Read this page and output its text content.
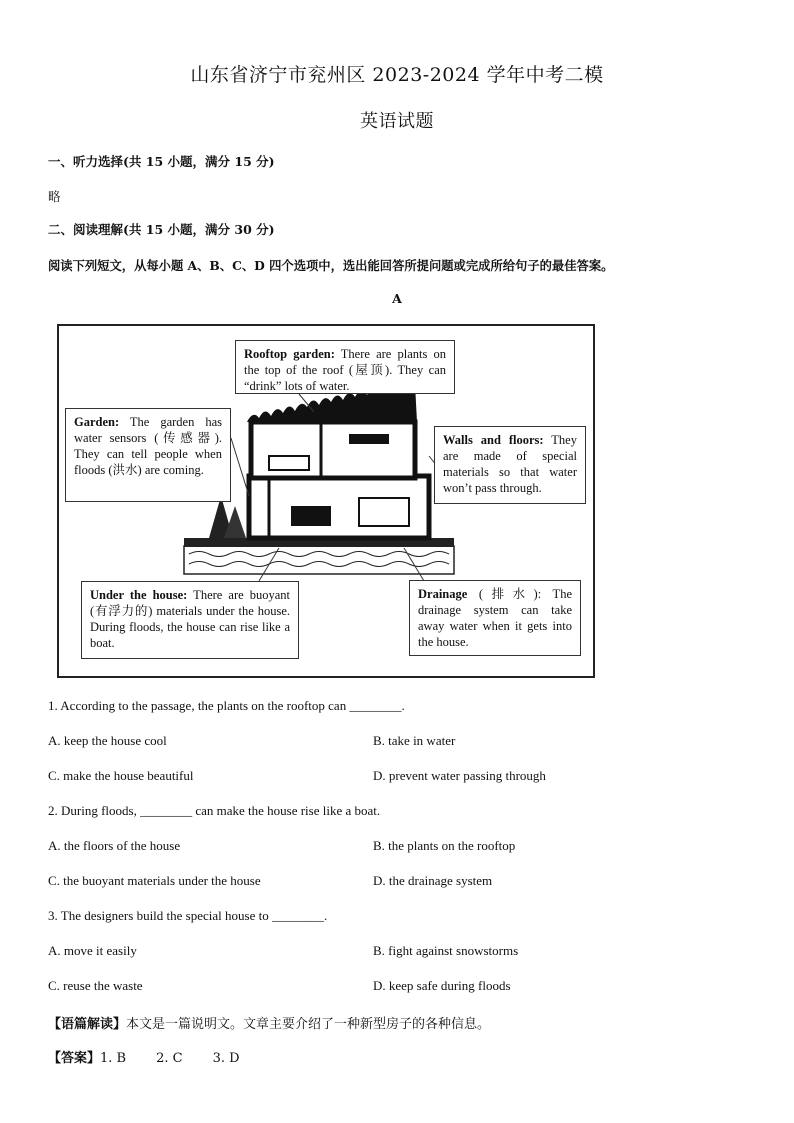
山东省济宁市兖州区 2023-2024 学年中考二模
英语试题
一、听力选择(共 15 小题，满分 15 分)
略
二、阅读理解(共 15 小题，满分 30 分)
阅读下列短文，从每小题 A、B、C、D 四个选项中，选出能回答所提问题或完成所给句子的最佳答案。
A
Rooftop garden: There are plants on the top of the roof (屋顶). They can “drink” lots of water.
Garden: The garden has water sensors (传感器). They can tell people when floods (洪水) are coming.
Walls and floors: They are made of special materials so that water won’t pass through.
Under the house: There are buoyant (有浮力的) materials under the house. During floods, the house can rise like a boat.
Drainage (排水): The drainage system can take away water when it gets into the house.
1. According to the passage, the plants on the rooftop can ________.
A. keep the house cool	B. take in water
C. make the house beautiful	D. prevent water passing through
2. During floods, ________ can make the house rise like a boat.
A. the floors of the house	B. the plants on the rooftop
C. the buoyant materials under the house	D. the drainage system
3. The designers build the special house to ________.
A. move it easily	B. fight against snowstorms
C. reuse the waste	D. keep safe during floods
【语篇解读】本文是一篇说明文。文章主要介绍了一种新型房子的各种信息。
【答案】1. B 2. C 3. D
